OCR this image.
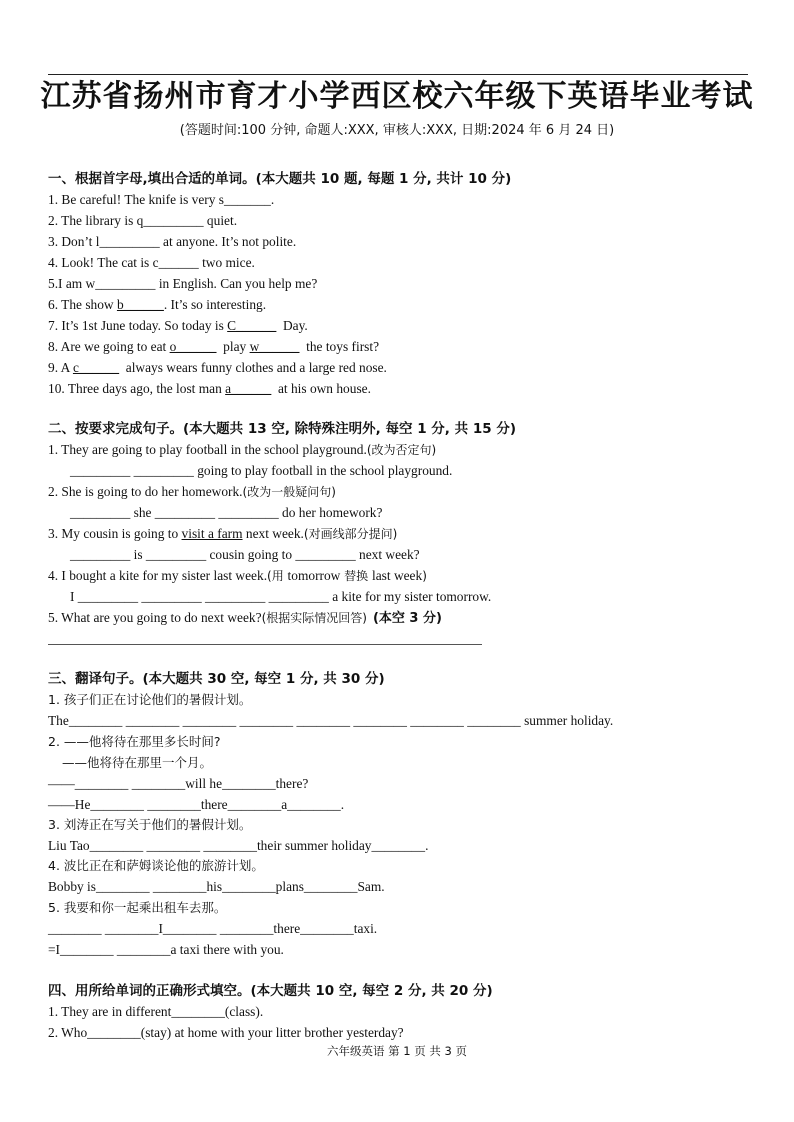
江苏省扬州市育才小学西区校六年级下英语毕业考试
(答题时间:100 分钟, 命题人:XXX, 审核人:XXX, 日期:2024 年 6 月 24 日)
一、根据首字母,填出合适的单词。(本大题共 10 题, 每题 1 分, 共计 10 分)
1. Be careful! The knife is very s_______.
2. The library is q_________ quiet.
3. Don’t l_________ at anyone. It’s not polite.
4. Look! The cat is c______ two mice.
5.I am w_________ in English. Can you help me?
6. The show b______. It’s so interesting.
7. It’s 1st June today. So today is C______  Day.
8. Are we going to eat o______  play w______  the toys first?
9. A c______  always wears funny clothes and a large red nose.
10. Three days ago, the lost man a______  at his own house.
二、按要求完成句子。(本大题共 13 空, 除特殊注明外, 每空 1 分, 共 15 分)
1. They are going to play football in the school playground.(改为否定句)
_________ _________ going to play football in the school playground.
2. She is going to do her homework.(改为一般疑问句)
_________ she _________ _________ do her homework?
3. My cousin is going to visit a farm next week.(对画线部分提问)
_________ is _________ cousin going to _________ next week?
4. I bought a kite for my sister last week.(用 tomorrow 替换 last week)
I _________ _________ _________ _________ a kite for my sister tomorrow.
5. What are you going to do next week?(根据实际情况回答) (本空 3 分)
三、翻译句子。(本大题共 30 空, 每空 1 分, 共 30 分)
1. 孩子们正在讨论他们的暑假计划。
The________ ________ ________ ________ ________ ________ ________ ________ summer holiday.
2. ——他将待在那里多长时间?
——他将待在那里一个月。
——________ ________will he________there?
——He________ ________there________a________.
3. 刘涛正在写关于他们的暑假计划。
Liu Tao________ ________ ________their summer holiday________.
4. 波比正在和萨姆谈论他的旅游计划。
Bobby is________ ________his________plans________Sam.
5. 我要和你一起乘出租车去那。
________ ________I________ ________there________taxi.
=I________ ________a taxi there with you.
四、用所给单词的正确形式填空。(本大题共 10 空, 每空 2 分, 共 20 分)
1. They are in different________(class).
2. Who________(stay) at home with your litter brother yesterday?
六年级英语 第 1 页 共 3 页
